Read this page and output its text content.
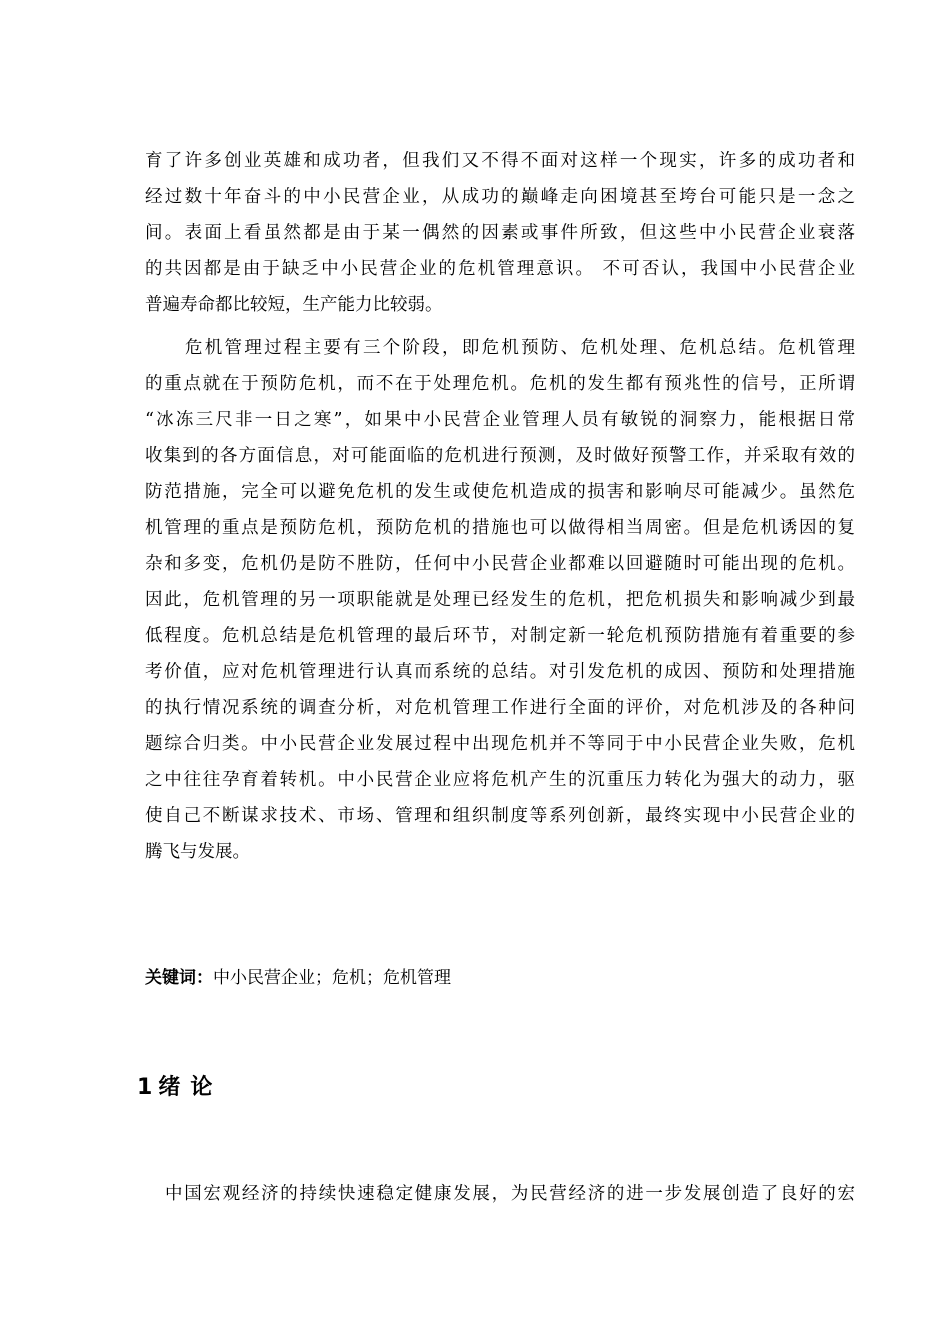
育了许多创业英雄和成功者，但我们又不得不面对这样一个现实，许多的成功者和
经过数十年奋斗的中小民营企业，从成功的巅峰走向困境甚至垮台可能只是一念之
间。表面上看虽然都是由于某一偶然的因素或事件所致，但这些中小民营企业衰落
的共因都是由于缺乏中小民营企业的危机管理意识。 不可否认，我国中小民营企业
普遍寿命都比较短，生产能力比较弱。
危机管理过程主要有三个阶段，即危机预防、危机处理、危机总结。危机管理
的重点就在于预防危机，而不在于处理危机。危机的发生都有预兆性的信号，正所谓
“冰冻三尺非一日之寒”，如果中小民营企业管理人员有敏锐的洞察力，能根据日常
收集到的各方面信息，对可能面临的危机进行预测，及时做好预警工作，并采取有效的
防范措施，完全可以避免危机的发生或使危机造成的损害和影响尽可能减少。虽然危
机管理的重点是预防危机，预防危机的措施也可以做得相当周密。但是危机诱因的复
杂和多变，危机仍是防不胜防，任何中小民营企业都难以回避随时可能出现的危机。
因此，危机管理的另一项职能就是处理已经发生的危机，把危机损失和影响减少到最
低程度。危机总结是危机管理的最后环节，对制定新一轮危机预防措施有着重要的参
考价值，应对危机管理进行认真而系统的总结。对引发危机的成因、预防和处理措施
的执行情况系统的调查分析，对危机管理工作进行全面的评价，对危机涉及的各种问
题综合归类。中小民营企业发展过程中出现危机并不等同于中小民营企业失败，危机
之中往往孕育着转机。中小民营企业应将危机产生的沉重压力转化为强大的动力，驱
使自己不断谋求技术、市场、管理和组织制度等系列创新，最终实现中小民营企业的
腾飞与发展。
关键词：中小民营企业；危机；危机管理
1 绪 论
中国宏观经济的持续快速稳定健康发展，为民营经济的进一步发展创造了良好的宏
